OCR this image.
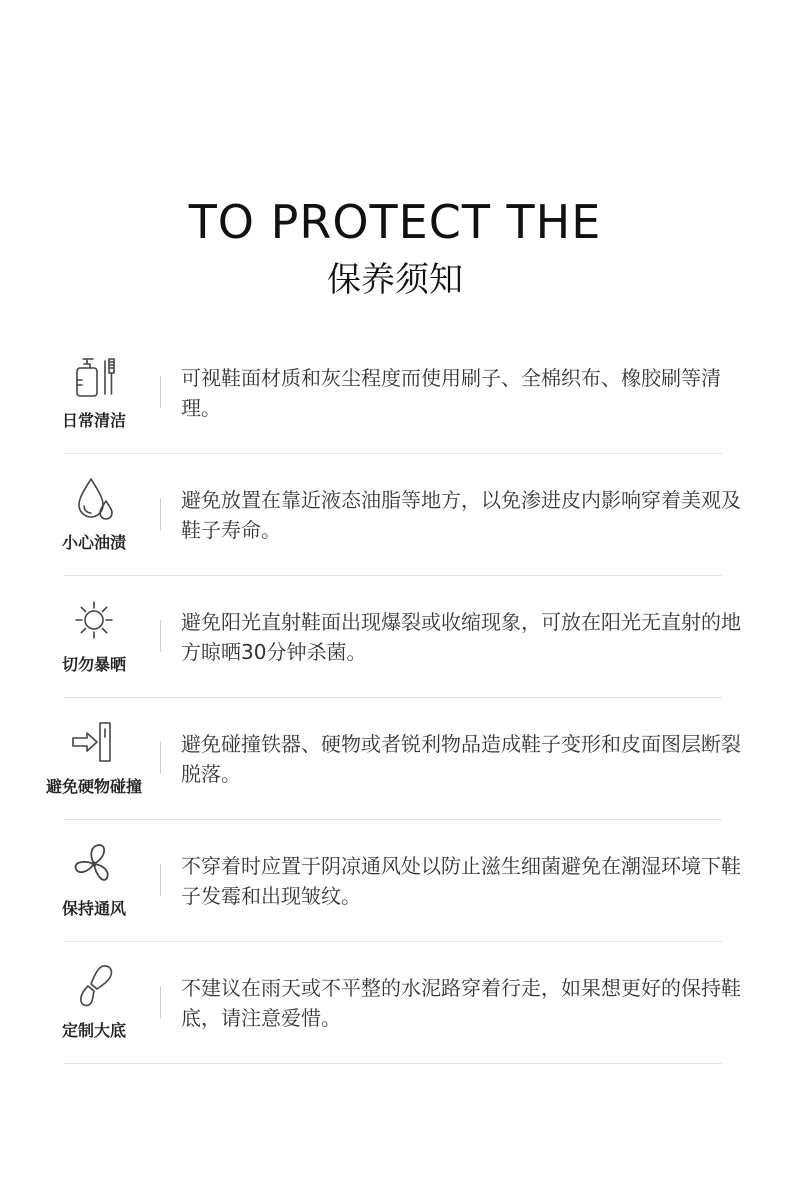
TO PROTECT THE
保养须知
日常清洁
可视鞋面材质和灰尘程度而使用刷子、全棉织布、橡胶刷等清理。
小心油渍
避免放置在靠近液态油脂等地方，以免渗进皮内影响穿着美观及鞋子寿命。
切勿暴晒
避免阳光直射鞋面出现爆裂或收缩现象，可放在阳光无直射的地方晾晒30分钟杀菌。
避免硬物碰撞
避免碰撞铁器、硬物或者锐利物品造成鞋子变形和皮面图层断裂脱落。
保持通风
不穿着时应置于阴凉通风处以防止滋生细菌避免在潮湿环境下鞋子发霉和出现皱纹。
定制大底
不建议在雨天或不平整的水泥路穿着行走，如果想更好的保持鞋底，请注意爱惜。
